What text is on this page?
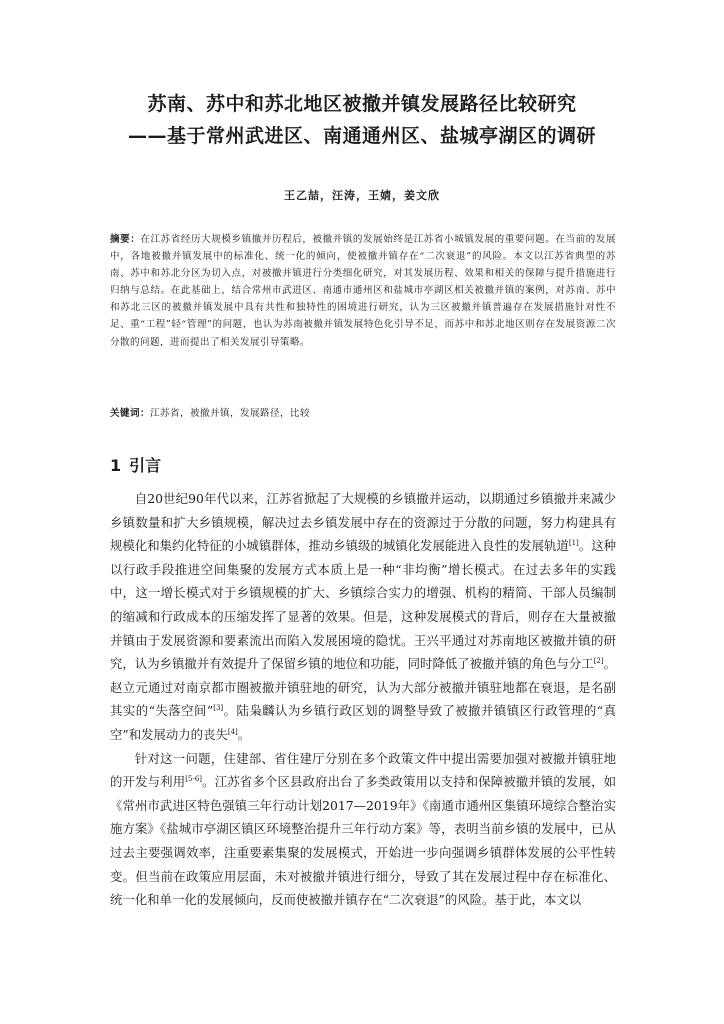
苏南、苏中和苏北地区被撤并镇发展路径比较研究
——基于常州武进区、南通通州区、盐城亭湖区的调研
王乙喆，汪涛，王婧，姜文欣
摘要：在江苏省经历大规模乡镇撤并历程后，被撤并镇的发展始终是江苏省小城镇发展的重要问题。在当前的发展中，各地被撤并镇发展中的标准化、统一化的倾向，使被撤并镇存在“二次衰退”的风险。本文以江苏省典型的苏南、苏中和苏北分区为切入点，对被撤并镇进行分类细化研究，对其发展历程、效果和相关的保障与提升措施进行归纳与总结。在此基础上，结合常州市武进区、南通市通州区和盐城市亭湖区相关被撤并镇的案例，对苏南、苏中和苏北三区的被撤并镇发展中具有共性和独特性的困境进行研究，认为三区被撤并镇普遍存在发展措施针对性不足、重“工程”轻“管理”的问题，也认为苏南被撤并镇发展特色化引导不足，而苏中和苏北地区则存在发展资源二次分散的问题，进而提出了相关发展引导策略。
关键词：江苏省，被撤并镇，发展路径，比较
1 引言

自20世纪90年代以来，江苏省掀起了大规模的乡镇撤并运动，以期通过乡镇撤并来减少乡镇数量和扩大乡镇规模，解决过去乡镇发展中存在的资源过于分散的问题，努力构建具有规模化和集约化特征的小城镇群体，推动乡镇级的城镇化发展能进入良性的发展轨道[1]。这种以行政手段推进空间集聚的发展方式本质上是一种“非均衡”增长模式。在过去多年的实践中，这一增长模式对于乡镇规模的扩大、乡镇综合实力的增强、机构的精简、干部人员编制的缩减和行政成本的压缩发挥了显著的效果。但是，这种发展模式的背后，则存在大量被撤并镇由于发展资源和要素流出而陷入发展困境的隐忧。王兴平通过对苏南地区被撤并镇的研究，认为乡镇撤并有效提升了保留乡镇的地位和功能，同时降低了被撤并镇的角色与分工[2]。赵立元通过对南京都市圈被撤并镇驻地的研究，认为大部分被撤并镇驻地都在衰退，是名副其实的“失落空间”[3]。陆枭麟认为乡镇行政区划的调整导致了被撤并镇镇区行政管理的“真空”和发展动力的丧失[4]。

针对这一问题，住建部、省住建厅分别在多个政策文件中提出需要加强对被撤并镇驻地的开发与利用[5-6]。江苏省多个区县政府出台了多类政策用以支持和保障被撤并镇的发展，如《常州市武进区特色强镇三年行动计划2017—2019年》《南通市通州区集镇环境综合整治实施方案》《盐城市亭湖区镇区环境整治提升三年行动方案》等，表明当前乡镇的发展中，已从过去主要强调效率，注重要素集聚的发展模式，开始进一步向强调乡镇群体发展的公平性转变。但当前在政策应用层面，未对被撤并镇进行细分，导致了其在发展过程中存在标准化、统一化和单一化的发展倾向，反而使被撤并镇存在“二次衰退”的风险。基于此，本文以
